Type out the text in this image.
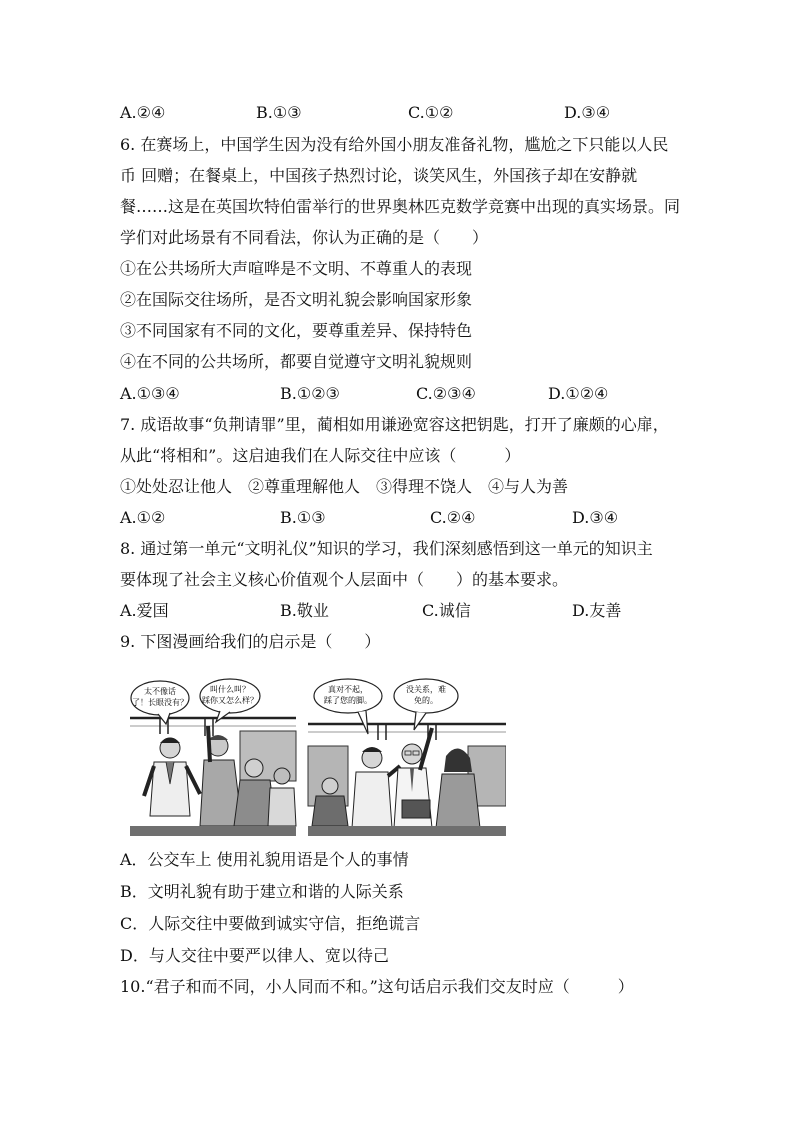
A.②④	B.①③	C.①②	D.③④
6. 在赛场上，中国学生因为没有给外国小朋友准备礼物，尴尬之下只能以人民
币 回赠；在餐桌上，中国孩子热烈讨论，谈笑风生，外国孩子却在安静就
餐……这是在英国坎特伯雷举行的世界奥林匹克数学竞赛中出现的真实场景。同
学们对此场景有不同看法，你认为正确的是（　　）
①在公共场所大声喧哗是不文明、不尊重人的表现
②在国际交往场所，是否文明礼貌会影响国家形象
③不同国家有不同的文化，要尊重差异、保持特色
④在不同的公共场所，都要自觉遵守文明礼貌规则
A.①③④	B.①②③	C.②③④	D.①②④
7. 成语故事“负荆请罪”里，蔺相如用谦逊宽容这把钥匙，打开了廉颇的心扉，
从此“将相和”。这启迪我们在人际交往中应该（　　　）
①处处忍让他人　②尊重理解他人　③得理不饶人　④与人为善
A.①②	B.①③	C.②④	D.③④
8. 通过第一单元“文明礼仪”知识的学习，我们深刻感悟到这一单元的知识主
要体现了社会主义核心价值观个人层面中（　　）的基本要求。
A.爱国	B.敬业	C.诚信	D.友善
9. 下图漫画给我们的启示是（　　）
太不像话
了！长眼没有？
叫什么叫？
踩你又怎么样？
真对不起，
踩了您的脚。
没关系，难
免的。
A．公交车上 使用礼貌用语是个人的事情
B．文明礼貌有助于建立和谐的人际关系
C．人际交往中要做到诚实守信，拒绝谎言
D．与人交往中要严以律人、宽以待己
10.“君子和而不同，小人同而不和。”这句话启示我们交友时应（　　　）
